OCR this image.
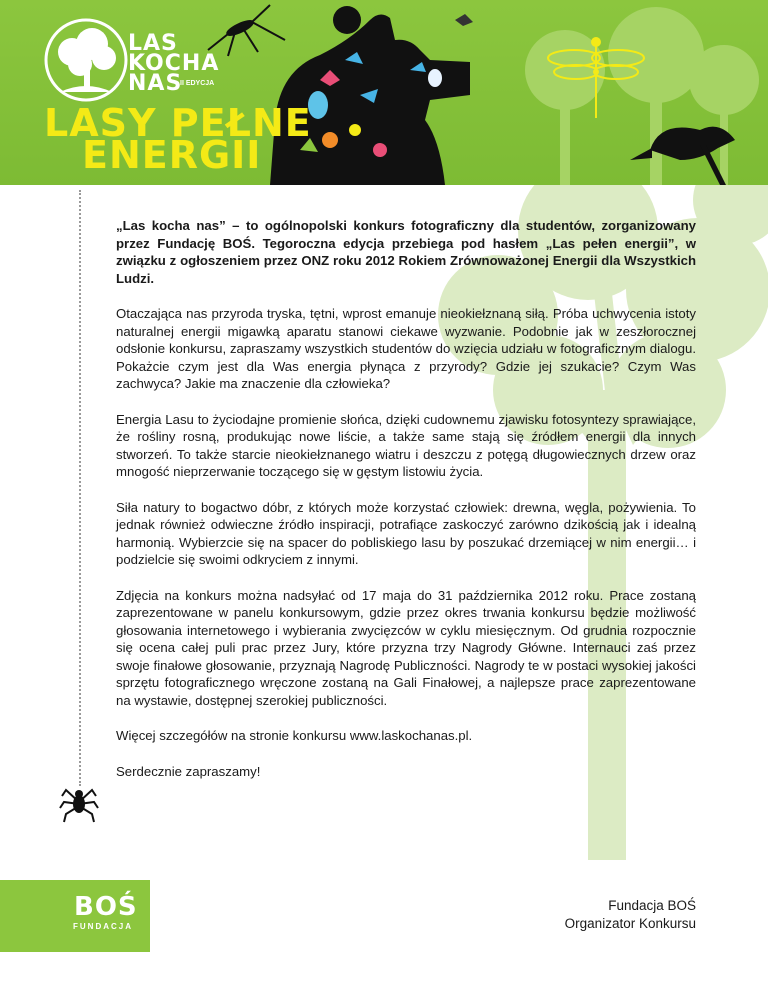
LAS
KOCHA
NAS
II EDYCJA
LASY PEŁNE
ENERGII

„Las kocha nas” – to ogólnopolski konkurs fotograficzny dla studentów, zorganizowany przez Fundację BOŚ. Tegoroczna edycja przebiega pod hasłem „Las pełen energii”, w związku z ogłoszeniem przez ONZ roku 2012 Rokiem Zrównoważonej Energii dla Wszystkich Ludzi.

Otaczająca nas przyroda tryska, tętni, wprost emanuje nieokiełznaną siłą. Próba uchwycenia istoty naturalnej energii migawką aparatu stanowi ciekawe wyzwanie. Podobnie jak w zeszłorocznej odsłonie konkursu, zapraszamy wszystkich studentów do wzięcia udziału w fotograficznym dialogu. Pokażcie czym jest dla Was energia płynąca z przyrody? Gdzie jej szukacie? Czym Was zachwyca? Jakie ma znaczenie dla człowieka?

Energia Lasu to życiodajne promienie słońca, dzięki cudownemu zjawisku fotosyntezy sprawiające, że rośliny rosną, produkując nowe liście, a także same stają się źródłem energii dla innych stworzeń. To także starcie nieokiełznanego wiatru i deszczu z potęgą długowiecznych drzew oraz mnogość nieprzerwanie toczącego się w gęstym listowiu życia.

Siła natury to bogactwo dóbr, z których może korzystać człowiek: drewna, węgla, pożywienia. To jednak również odwieczne źródło inspiracji, potrafiące zaskoczyć zarówno dzikością jak i idealną harmonią. Wybierzcie się na spacer do pobliskiego lasu by poszukać drzemiącej w nim energii… i podzielcie się swoimi odkryciem z innymi.

Zdjęcia na konkurs można nadsyłać od 17 maja do 31 października 2012 roku. Prace zostaną zaprezentowane w panelu konkursowym, gdzie przez okres trwania konkursu będzie możliwość głosowania internetowego i wybierania zwycięzców w cyklu miesięcznym. Od grudnia rozpocznie się ocena całej puli prac przez Jury, które przyzna trzy Nagrody Główne. Internauci zaś przez swoje finałowe głosowanie, przyznają Nagrodę Publiczności. Nagrody te w postaci wysokiej jakości sprzętu fotograficznego wręczone zostaną na Gali Finałowej, a najlepsze prace zaprezentowane na wystawie, dostępnej szerokiej publiczności.

Więcej szczegółów na stronie konkursu www.laskochanas.pl.

Serdecznie zapraszamy!

BOŚ
FUNDACJA
Fundacja BOŚ
Organizator Konkursu
